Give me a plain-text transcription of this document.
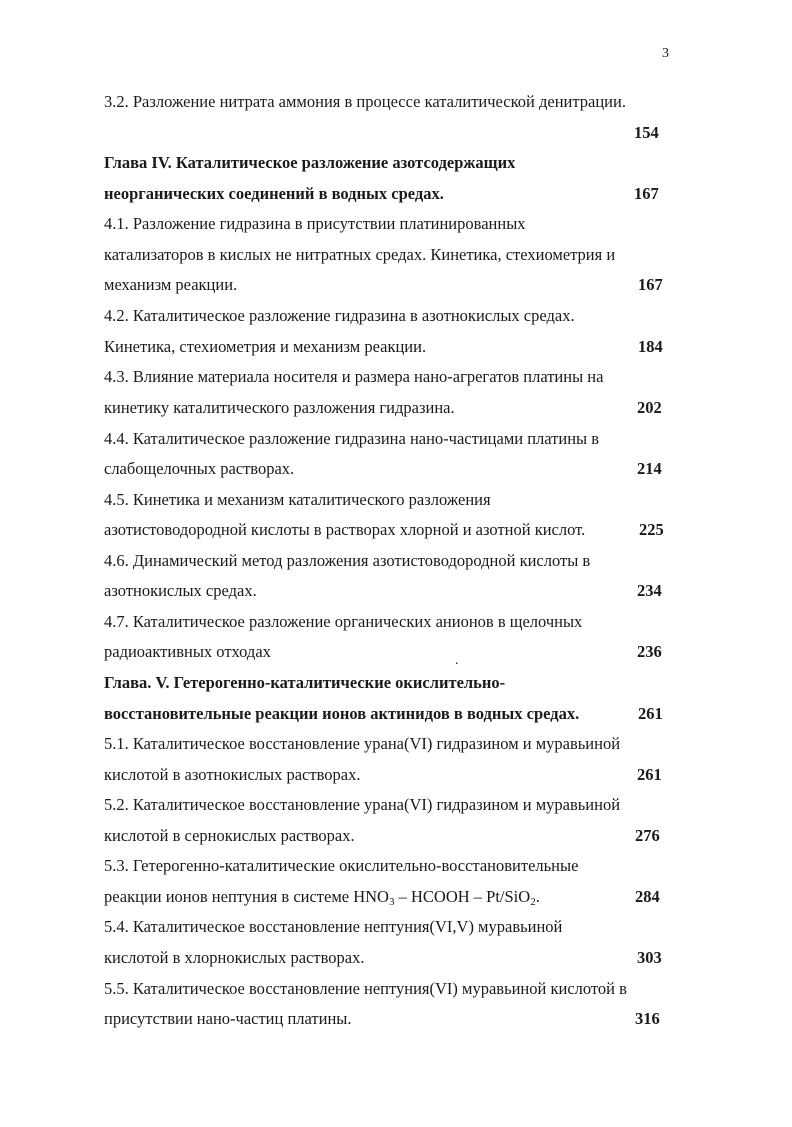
3
3.2. Разложение нитрата аммония в процессе каталитической денитрации.
154
Глава IV. Каталитическое разложение азотсодержащих
неорганических соединений в водных средах.	167
4.1. Разложение гидразина в присутствии платинированных
катализаторов в кислых не нитратных средах. Кинетика, стехиометрия и
механизм реакции.	167
4.2. Каталитическое разложение гидразина в азотнокислых средах.
Кинетика, стехиометрия и механизм реакции.	184
4.3. Влияние материала носителя и размера нано-агрегатов платины на
кинетику каталитического разложения гидразина.	202
4.4. Каталитическое разложение гидразина нано-частицами платины в
слабощелочных растворах.	214
4.5. Кинетика и механизм каталитического разложения
азотистоводородной кислоты в растворах хлорной и азотной кислот.	225
4.6. Динамический метод разложения азотистоводородной кислоты в
азотнокислых средах.	234
4.7. Каталитическое разложение органических анионов в щелочных
радиоактивных отходах	236
Глава. V. Гетерогенно-каталитические окислительно-
восстановительные реакции ионов актинидов в водных средах.	261
5.1. Каталитическое восстановление урана(VI) гидразином и муравьиной
кислотой в азотнокислых растворах.	261
5.2. Каталитическое восстановление урана(VI) гидразином и муравьиной
кислотой в сернокислых растворах.	276
5.3. Гетерогенно-каталитические окислительно-восстановительные
реакции ионов нептуния в системе $HNO_3$ – HCOOH – Pt/SiO$_2$.	284
5.4. Каталитическое восстановление нептуния(VI,V) муравьиной
кислотой в хлорнокислых растворах.	303
5.5. Каталитическое восстановление нептуния(VI) муравьиной кислотой в
присутствии нано-частиц платины.	316
.
